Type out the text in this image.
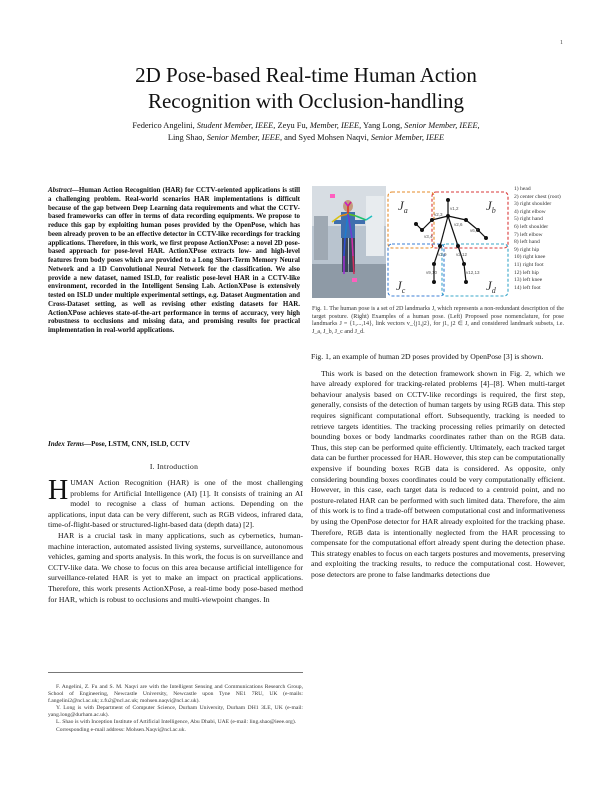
1
2D Pose-based Real-time Human Action
Recognition with Occlusion-handling
Federico Angelini, Student Member, IEEE, Zeyu Fu, Member, IEEE, Yang Long, Senior Member, IEEE,
Ling Shao, Senior Member, IEEE, and Syed Mohsen Naqvi, Senior Member, IEEE
Abstract—Human Action Recognition (HAR) for CCTV-oriented applications is still a challenging problem. Real-world scenarios HAR implementations is difficult because of the gap between Deep Learning data requirements and what the CCTV-based frameworks can offer in terms of data recording equipments. We propose to reduce this gap by exploiting human poses provided by the OpenPose, which has been already proven to be an effective detector in CCTV-like recordings for tracking applications. Therefore, in this work, we first propose ActionXPose: a novel 2D pose-based approach for pose-level HAR. ActionXPose extracts low- and high-level features from body poses which are provided to a Long Short-Term Memory Neural Network and a 1D Convolutional Neural Network for the classification. We also provide a new dataset, named ISLD, for realistic pose-level HAR in a CCTV-like environment, recorded in the Intelligent Sensing Lab. ActionXPose is extensively tested on ISLD under multiple experimental settings, e.g. Dataset Augmentation and Cross-Dataset setting, as well as revising other existing datasets for HAR. ActionXPose achieves state-of-the-art performance in terms of accuracy, very high robustness to occlusions and missing data, and promising results for practical implementation in real-world applications.
Index Terms—Pose, LSTM, CNN, ISLD, CCTV
I. Introduction

HUMAN Action Recognition (HAR) is one of the most challenging problems for Artificial Intelligence (AI) [1]. It consists of training an AI model to recognise a class of human actions. Depending on the applications, input data can be very different, such as RGB videos, infrared data, time-of-flight-based or structured-light-based data (depth data) [2].

HAR is a crucial task in many applications, such as cybernetics, human-machine interaction, automated assisted living systems, surveillance, autonomous vehicles, gaming and sports analysis. In this work, the focus is on surveillance and CCTV-like data. We chose to focus on this area because artificial intelligence for surveillance-related HAR is yet to make an impact on practical applications. Therefore, this work presents ActionXPose, a real-time body pose-based method for HAR, which is robust to occlusions and multi-viewpoint changes. In

F. Angelini, Z. Fu and S. M. Naqvi are with the Intelligent Sensing and Communications Research Group, School of Engineering, Newcastle University, Newcastle upon Tyne NE1 7RU, UK (e-mails: f.angelini2@ncl.ac.uk; z.fu2@ncl.ac.uk; mohsen.naqvi@ncl.ac.uk).

Y. Long is with Department of Computer Science, Durham University, Durham DH1 3LE, UK (e-mail: yang.long@durham.ac.uk).

L. Shao is with Inception Institute of Artificial Intelligence, Abu Dhabi, UAE (e-mail: ling.shao@ieee.org).

Corresponding e-mail address: Mohsen.Naqvi@ncl.ac.uk.

$J_a$	$J_b$
$J_c$	$J_d$
v1,2
v2,3
v2,6
v3,4
v6,7
v2,9 v2,12
v9,10	v12,13
1) head
2) center chest (root)
3) right shoulder
4) right elbow
5) right hand
6) left shoulder
7) left elbow
8) left hand
9) right hip
10) right knee
11) right foot
12) left hip
13) left knee
14) left foot
Fig. 1. The human pose is a set of 2D landmarks J, which represents a non-redundant description of the target posture. (Right) Examples of a human pose. (Left) Proposed pose nomenclature, for pose landmarks J = {1,...,14}, link vectors v_{j1,j2}, for j1, j2 ∈ J, and considered landmark subsets, i.e. J_a, J_b, J_c and J_d.

Fig. 1, an example of human 2D poses provided by OpenPose [3] is shown.

This work is based on the detection framework shown in Fig. 2, which we have already explored for tracking-related problems [4]–[8]. When multi-target behaviour analysis based on CCTV-like recordings is required, the first step, generally, consists of the detection of human targets by using RGB data. This step requires significant computational effort. Subsequently, tracking is needed to retrieve targets identities. The tracking processing relies primarily on detected bounding boxes or body landmarks coordinates rather than on the RGB data. Thus, this step can be performed quite efficiently. Ultimately, each tracked target data can be further processed for HAR. However, this step can be computationally expensive if bounding boxes RGB data is considered. As opposite, only considering bounding boxes coordinates could be very computationally efficient. However, in this case, each target data is reduced to a centroid point, and no posture-related HAR can be performed with such limited data. Therefore, the aim of this work is to find a trade-off between computational cost and informativeness by using the OpenPose detector for HAR already exploited for the tracking phase. Therefore, RGB data is intentionally neglected from the HAR processing to compensate for the computational effort already spent during the detection phase. This strategy enables to focus on each targets postures and movements, preserving and exploiting the tracking results, to reduce the computational cost. However, pose detectors are prone to false landmarks detections due
